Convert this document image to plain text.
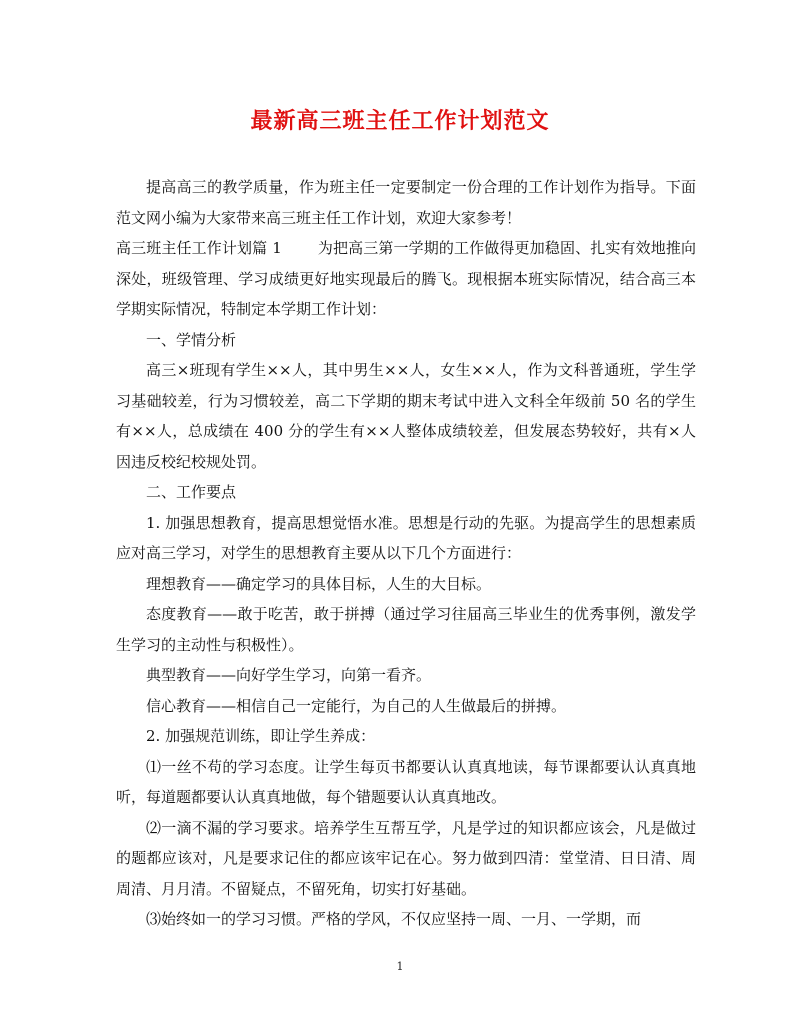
最新高三班主任工作计划范文

提高高三的教学质量，作为班主任一定要制定一份合理的工作计划作为指导。下面范文网小编为大家带来高三班主任工作计划，欢迎大家参考！

高三班主任工作计划篇 1 为把高三第一学期的工作做得更加稳固、扎实有效地推向深处，班级管理、学习成绩更好地实现最后的腾飞。现根据本班实际情况，结合高三本学期实际情况，特制定本学期工作计划：

一、学情分析

高三×班现有学生××人，其中男生××人，女生××人，作为文科普通班，学生学习基础较差，行为习惯较差，高二下学期的期末考试中进入文科全年级前 50 名的学生有××人，总成绩在 400 分的学生有××人整体成绩较差，但发展态势较好，共有×人因违反校纪校规处罚。

二、工作要点

1. 加强思想教育，提高思想觉悟水准。思想是行动的先驱。为提高学生的思想素质应对高三学习，对学生的思想教育主要从以下几个方面进行：

理想教育——确定学习的具体目标，人生的大目标。

态度教育——敢于吃苦，敢于拼搏（通过学习往届高三毕业生的优秀事例，激发学生学习的主动性与积极性）。

典型教育——向好学生学习，向第一看齐。

信心教育——相信自己一定能行，为自己的人生做最后的拼搏。

2. 加强规范训练，即让学生养成：

⑴一丝不苟的学习态度。让学生每页书都要认认真真地读，每节课都要认认真真地听，每道题都要认认真真地做，每个错题要认认真真地改。

⑵一滴不漏的学习要求。培养学生互帮互学，凡是学过的知识都应该会，凡是做过的题都应该对，凡是要求记住的都应该牢记在心。努力做到四清：堂堂清、日日清、周周清、月月清。不留疑点，不留死角，切实打好基础。

⑶始终如一的学习习惯。严格的学风，不仅应坚持一周、一月、一学期，而

1
